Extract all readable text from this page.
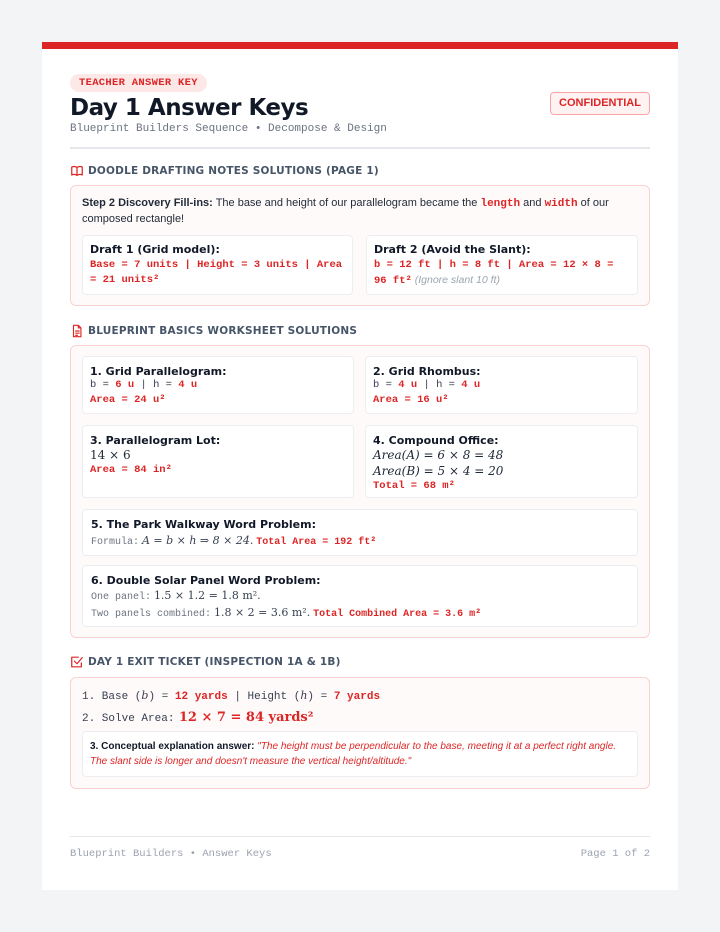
TEACHER ANSWER KEY
Day 1 Answer Keys
Blueprint Builders Sequence • Decompose & Design
CONFIDENTIAL
DOODLE DRAFTING NOTES SOLUTIONS (PAGE 1)
Step 2 Discovery Fill-ins: The base and height of our parallelogram became the length and width of our composed rectangle!
Draft 1 (Grid model):
Base = 7 units | Height = 3 units | Area
= 21 units²
Draft 2 (Avoid the Slant):
b = 12 ft | h = 8 ft | Area = 12 × 8 =
96 ft² (Ignore slant 10 ft)
BLUEPRINT BASICS WORKSHEET SOLUTIONS
1. Grid Parallelogram:
b = 6 u | h = 4 u
Area = 24 u²
2. Grid Rhombus:
b = 4 u | h = 4 u
Area = 16 u²
3. Parallelogram Lot:
14 × 6
Area = 84 in²
4. Compound Office:
Area(A) = 6 × 8 = 48
Area(B) = 5 × 4 = 20
Total = 68 m²
5. The Park Walkway Word Problem:
Formula: A = b × h ⇒ 8 × 24. Total Area = 192 ft²
6. Double Solar Panel Word Problem:
One panel: 1.5 × 1.2 = 1.8 m².
Two panels combined: 1.8 × 2 = 3.6 m². Total Combined Area = 3.6 m²
DAY 1 EXIT TICKET (INSPECTION 1A & 1B)
1. Base (b) = 12 yards | Height (h) = 7 yards
2. Solve Area: 12 × 7 = 84 yards²
3. Conceptual explanation answer: "The height must be perpendicular to the base, meeting it at a perfect right angle. The slant side is longer and doesn't measure the vertical height/altitude."
Blueprint Builders • Answer Keys	Page 1 of 2
